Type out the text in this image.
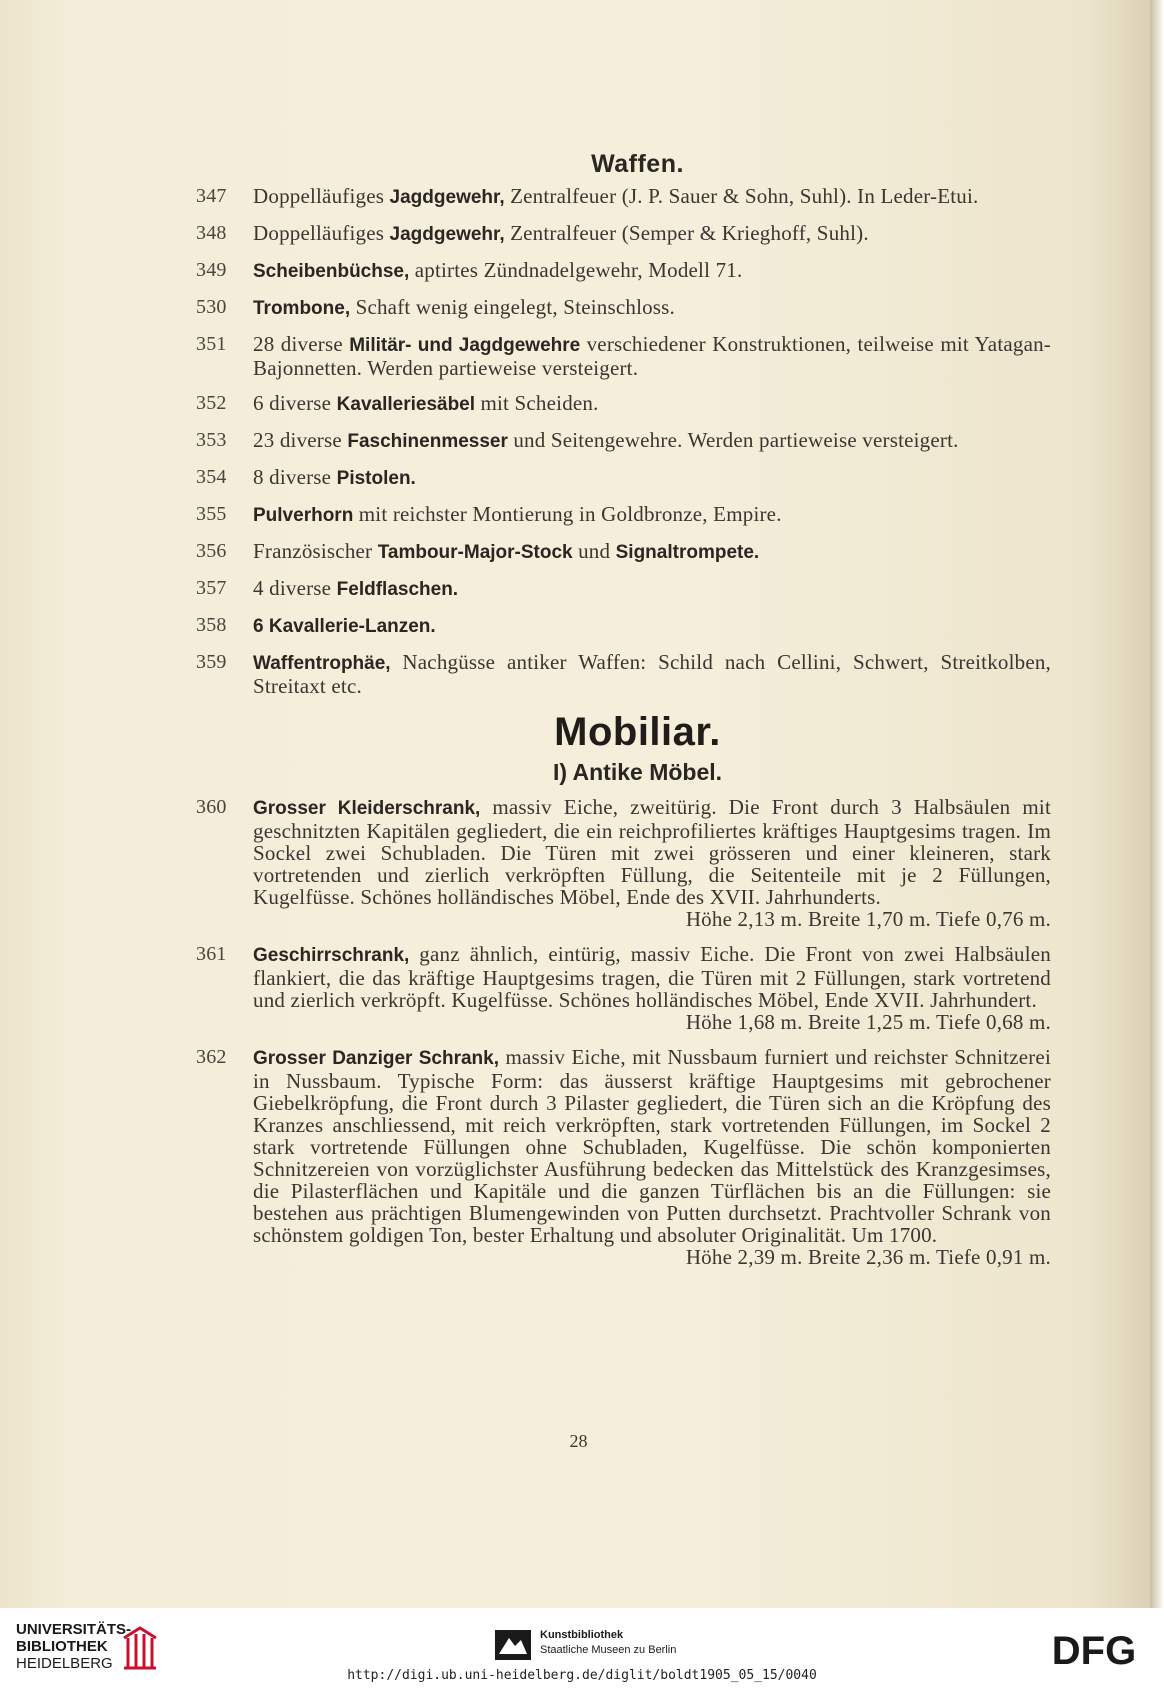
Waffen.
347	Doppelläufiges Jagdgewehr, Zentralfeuer (J. P. Sauer & Sohn, Suhl). In Leder-Etui.
348	Doppelläufiges Jagdgewehr, Zentralfeuer (Semper & Krieghoff, Suhl).
349	Scheibenbüchse, aptirtes Zündnadelgewehr, Modell 71.
530	Trombone, Schaft wenig eingelegt, Steinschloss.
351	28 diverse Militär- und Jagdgewehre verschiedener Konstruktionen, teilweise mit Yatagan-Bajonnetten. Werden partieweise versteigert.
352	6 diverse Kavalleriesäbel mit Scheiden.
353	23 diverse Faschinenmesser und Seitengewehre. Werden partieweise versteigert.
354	8 diverse Pistolen.
355	Pulverhorn mit reichster Montierung in Goldbronze, Empire.
356	Französischer Tambour-Major-Stock und Signaltrompete.
357	4 diverse Feldflaschen.
358	6 Kavallerie-Lanzen.
359	Waffentrophäe, Nachgüsse antiker Waffen: Schild nach Cellini, Schwert, Streitkolben, Streitaxt etc.
Mobiliar.
I) Antike Möbel.
360	Grosser Kleiderschrank, massiv Eiche, zweitürig. Die Front durch 3 Halbsäulen mit geschnitzten Kapitälen gegliedert, die ein reichprofiliertes kräftiges Hauptgesims tragen. Im Sockel zwei Schubladen. Die Türen mit zwei grösseren und einer kleineren, stark vortretenden und zierlich verkröpften Füllung, die Seitenteile mit je 2 Füllungen, Kugelfüsse. Schönes holländisches Möbel, Ende des XVII. Jahrhunderts.
Höhe 2,13 m. Breite 1,70 m. Tiefe 0,76 m.
361	Geschirrschrank, ganz ähnlich, eintürig, massiv Eiche. Die Front von zwei Halbsäulen flankiert, die das kräftige Hauptgesims tragen, die Türen mit 2 Füllungen, stark vortretend und zierlich verkröpft. Kugelfüsse. Schönes holländisches Möbel, Ende XVII. Jahrhundert.
Höhe 1,68 m. Breite 1,25 m. Tiefe 0,68 m.
362	Grosser Danziger Schrank, massiv Eiche, mit Nussbaum furniert und reichster Schnitzerei in Nussbaum. Typische Form: das äusserst kräftige Hauptgesims mit gebrochener Giebelkröpfung, die Front durch 3 Pilaster gegliedert, die Türen sich an die Kröpfung des Kranzes anschliessend, mit reich verkröpften, stark vortretenden Füllungen, im Sockel 2 stark vortretende Füllungen ohne Schubladen, Kugelfüsse. Die schön komponierten Schnitzereien von vorzüglichster Ausführung bedecken das Mittelstück des Kranzgesimses, die Pilasterflächen und Kapitäle und die ganzen Türflächen bis an die Füllungen: sie bestehen aus prächtigen Blumengewinden von Putten durchsetzt. Prachtvoller Schrank von schönstem goldigen Ton, bester Erhaltung und absoluter Originalität. Um 1700.
Höhe 2,39 m. Breite 2,36 m. Tiefe 0,91 m.
28
UNIVERSITÄTS-
BIBLIOTHEK
HEIDELBERG
Kunstbibliothek
Staatliche Museen zu Berlin	DFG
http://digi.ub.uni-heidelberg.de/diglit/boldt1905_05_15/0040
